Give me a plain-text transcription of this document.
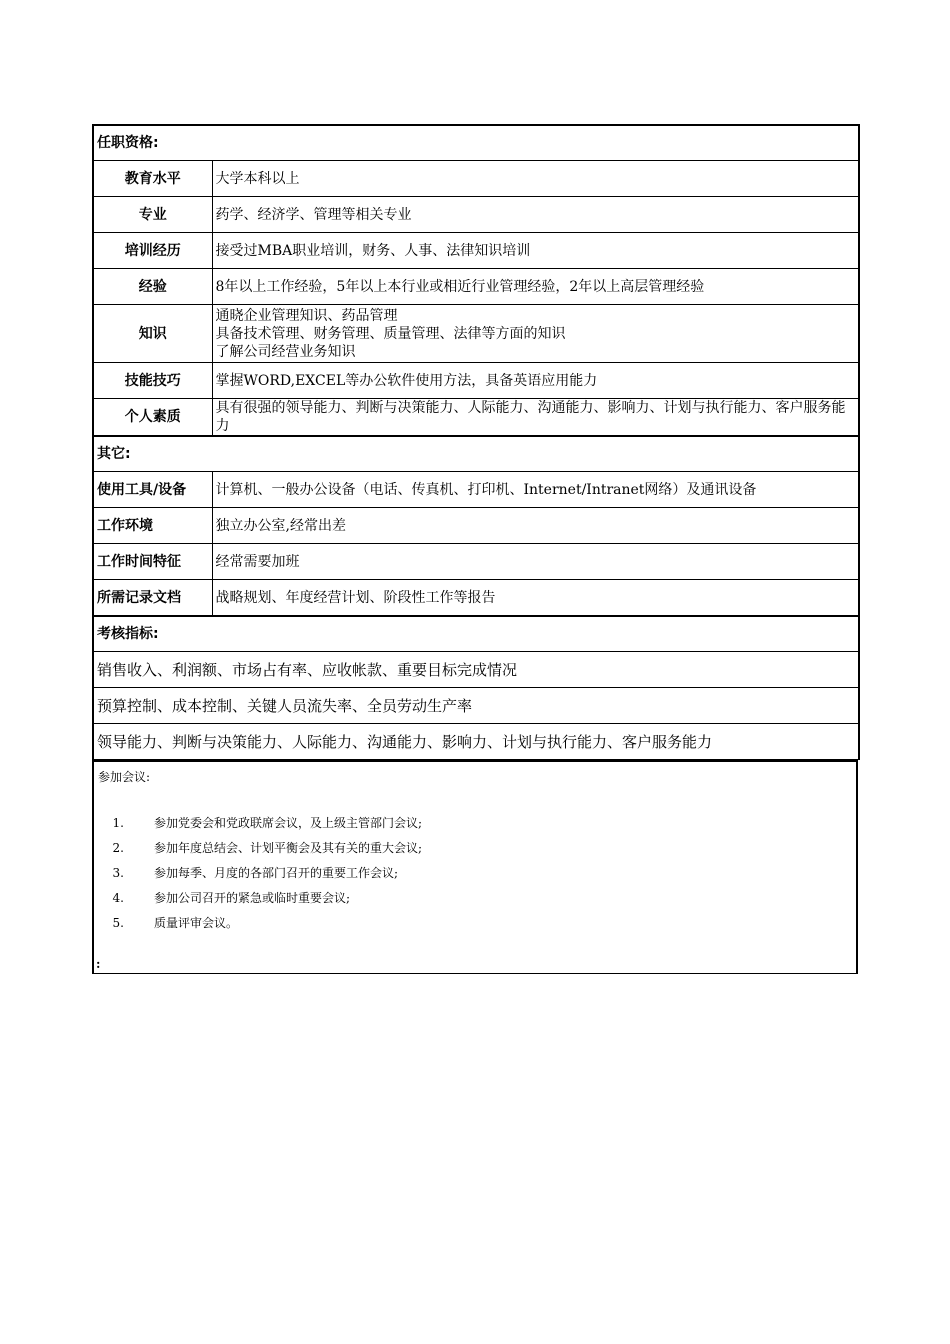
任职资格:	
教育水平	大学本科以上
专业	药学、经济学、管理等相关专业
培训经历	接受过MBA职业培训，财务、人事、法律知识培训
经验	8年以上工作经验，5年以上本行业或相近行业管理经验，2年以上高层管理经验
知识	通晓企业管理知识、药品管理
具备技术管理、财务管理、质量管理、法律等方面的知识
了解公司经营业务知识

技能技巧	掌握WORD,EXCEL等办公软件使用方法，具备英语应用能力
个人素质	具有很强的领导能力、判断与决策能力、人际能力、沟通能力、影响力、计划与执行能力、客户服务能力
其它:	
使用工具/设备	计算机、一般办公设备（电话、传真机、打印机、Internet/Intranet网络）及通讯设备
工作环境	独立办公室,经常出差
工作时间特征	经常需要加班
所需记录文档	战略规划、年度经营计划、阶段性工作等报告
考核指标:	
销售收入、利润额、市场占有率、应收帐款、重要目标完成情况	
预算控制、成本控制、关键人员流失率、全员劳动生产率	
领导能力、判断与决策能力、人际能力、沟通能力、影响力、计划与执行能力、客户服务能力	
参加会议:
1.	参加党委会和党政联席会议，及上级主管部门会议;
2.	参加年度总结会、计划平衡会及其有关的重大会议;
3.	参加每季、月度的各部门召开的重要工作会议;
4.	参加公司召开的紧急或临时重要会议;
5.	质量评审会议。
:
